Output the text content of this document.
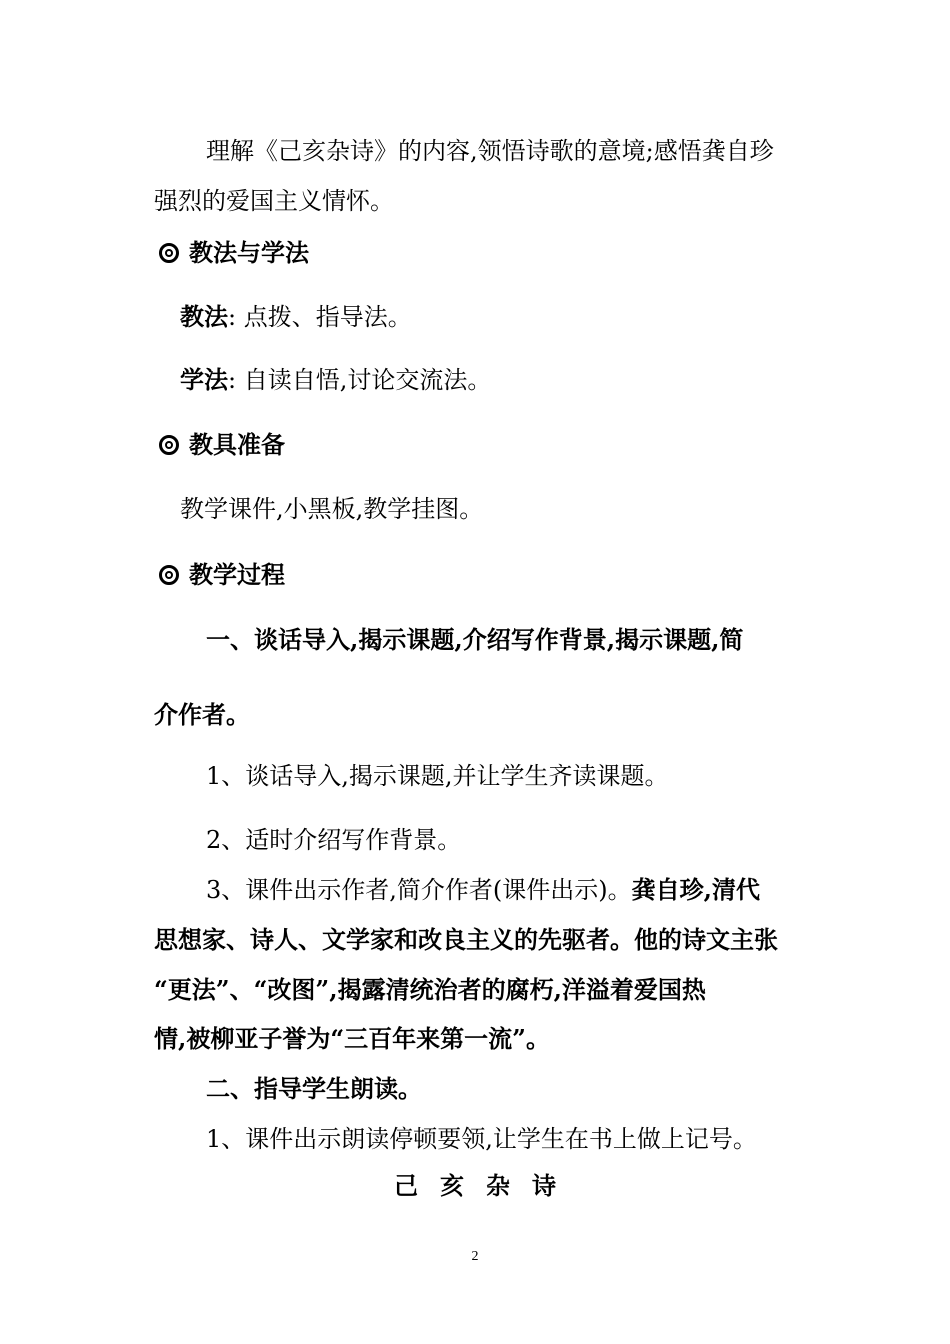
理解《己亥杂诗》的内容,领悟诗歌的意境;感悟龚自珍
强烈的爱国主义情怀。
教法与学法
教法: 点拨、指导法。
学法: 自读自悟,讨论交流法。
教具准备
教学课件,小黑板,教学挂图。
教学过程
一、谈话导入,揭示课题,介绍写作背景,揭示课题,简
介作者。
1、谈话导入,揭示课题,并让学生齐读课题。
2、适时介绍写作背景。
3、课件出示作者,简介作者(课件出示)。龚自珍,清代
思想家、诗人、文学家和改良主义的先驱者。他的诗文主张
“更法”、“改图”,揭露清统治者的腐朽,洋溢着爱国热
情,被柳亚子誉为“三百年来第一流”。
二、指导学生朗读。
1、课件出示朗读停顿要领,让学生在书上做上记号。
己亥杂诗
2
